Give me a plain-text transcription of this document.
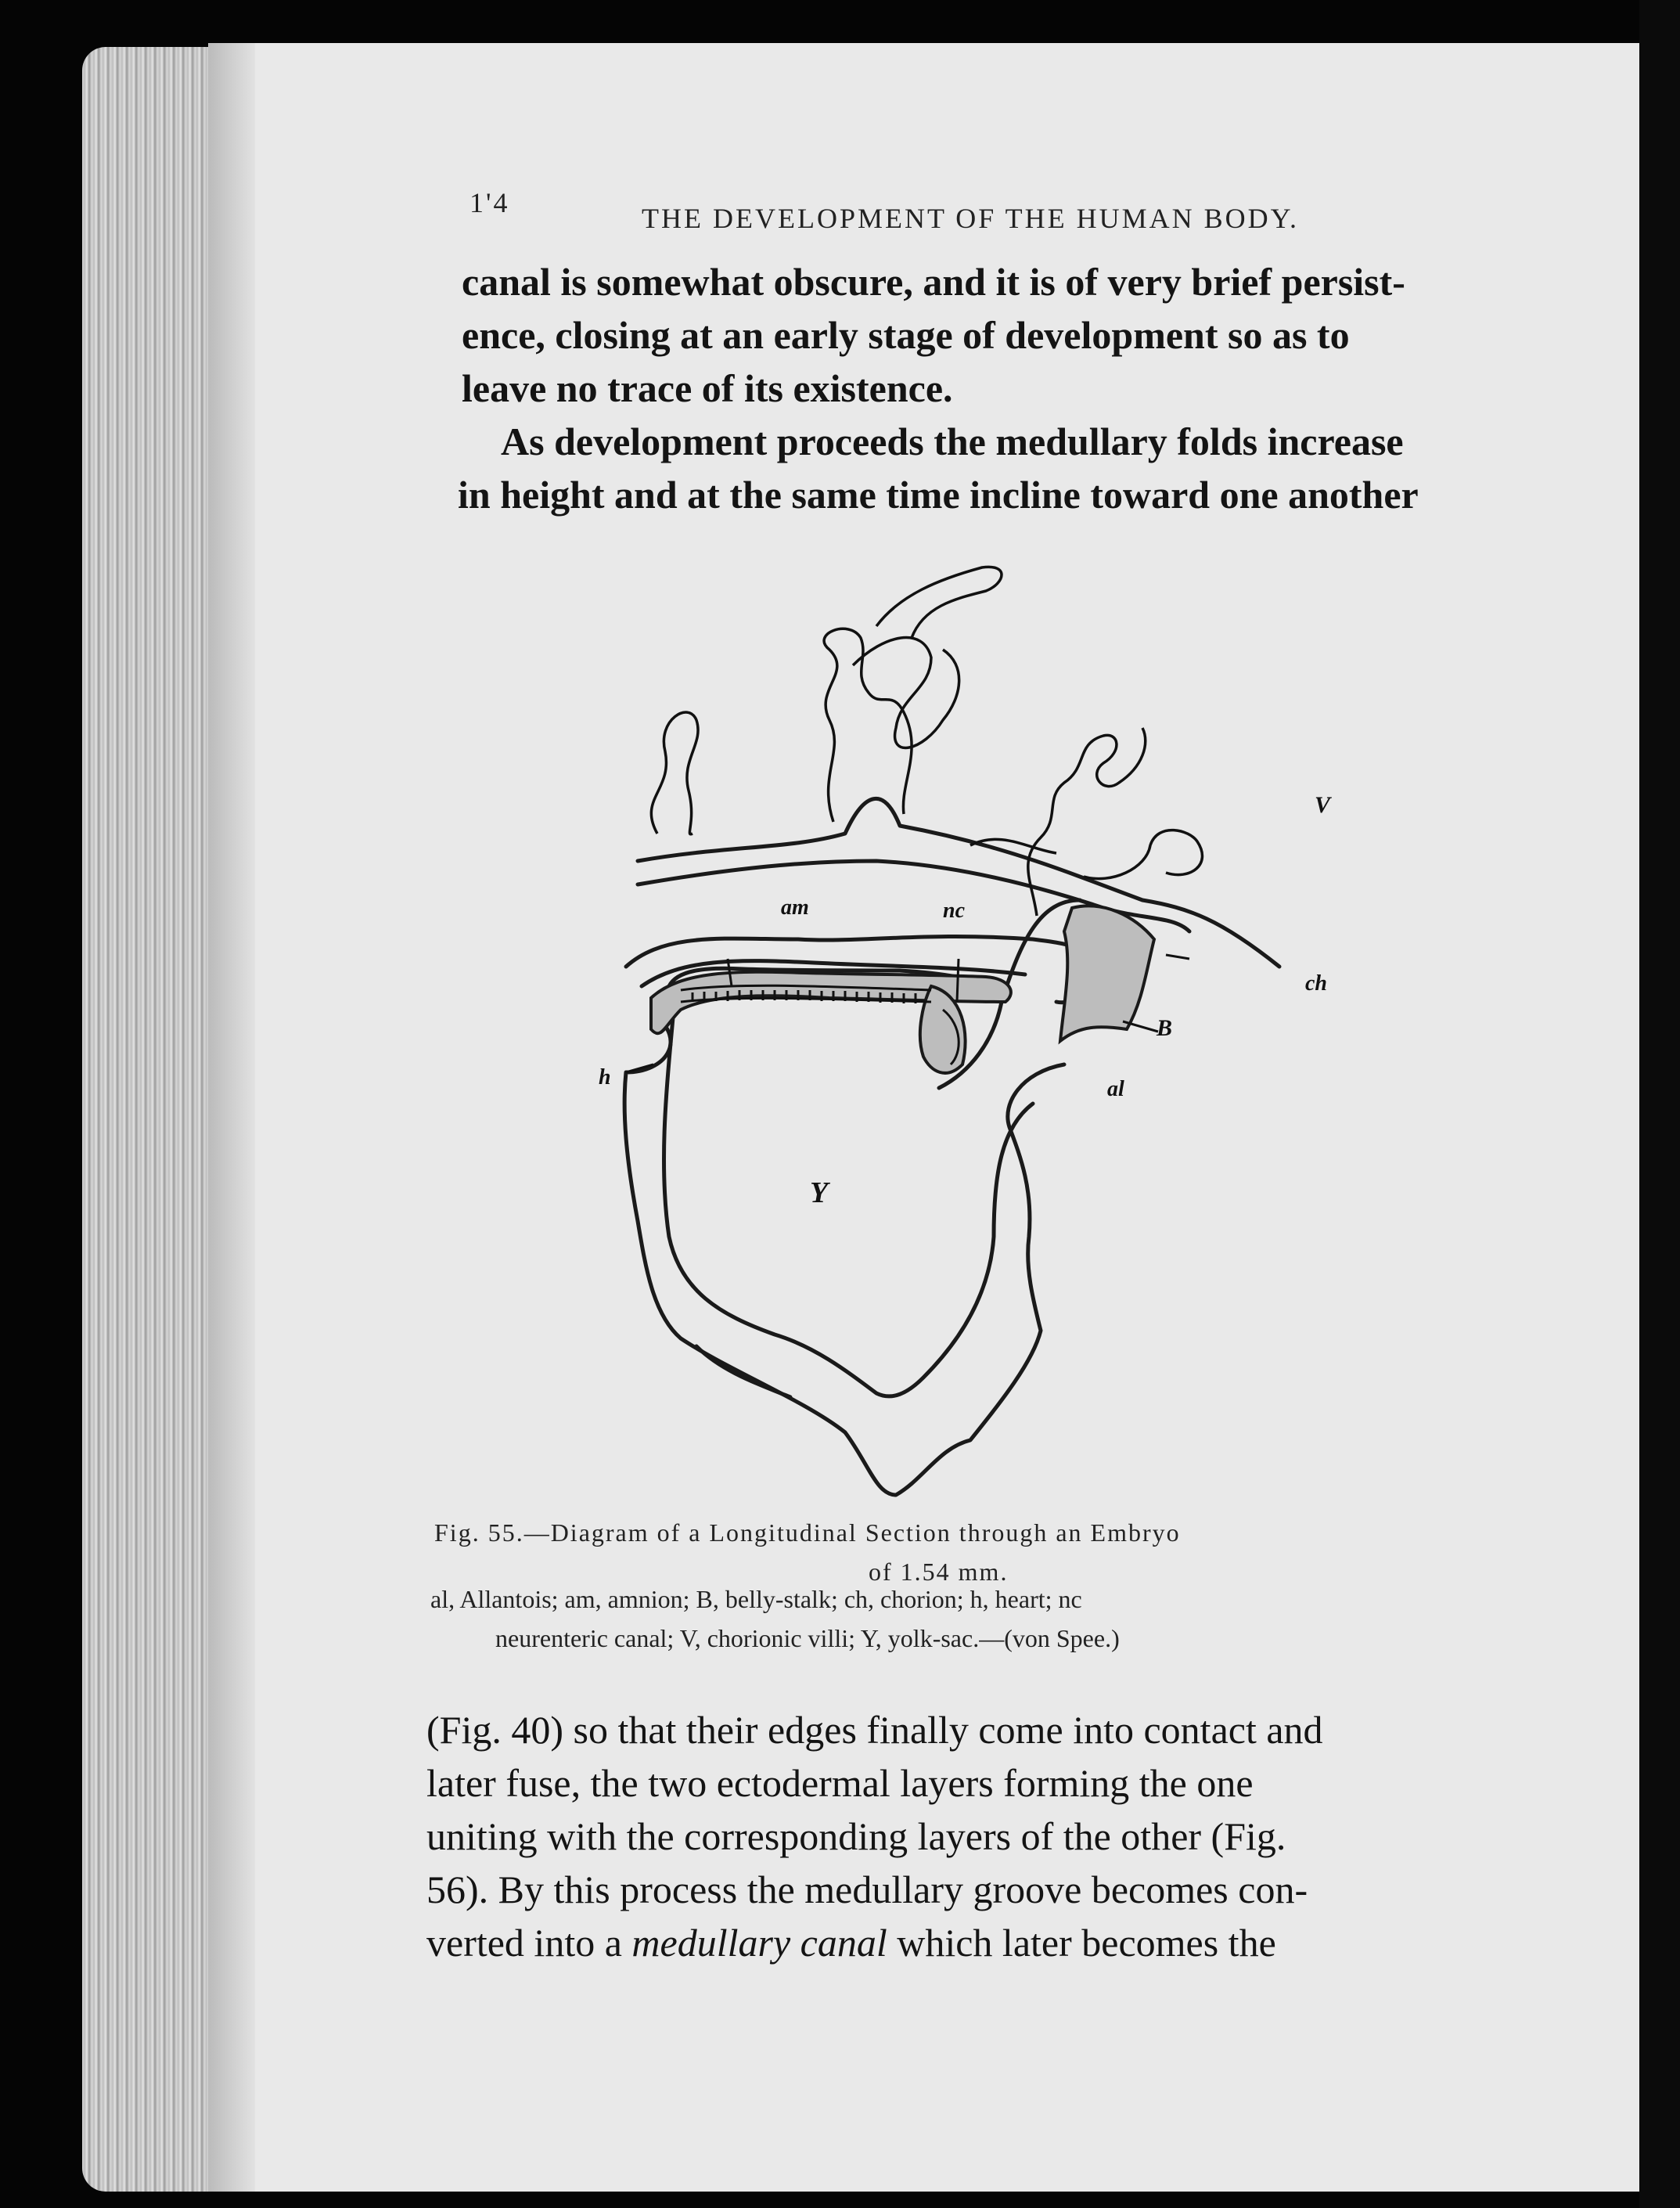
1'4	THE DEVELOPMENT OF THE HUMAN BODY.
canal is somewhat obscure, and it is of very brief persist-
ence, closing at an early stage of development so as to
leave no trace of its existence.
As development proceeds the medullary folds increase
in height and at the same time incline toward one another
am	nc
ch
B
al
h
Y
V
Fig. 55.—Diagram of a Longitudinal Section through an Embryo
of 1.54 mm.
al, Allantois; am, amnion; B, belly-stalk; ch, chorion; h, heart; nc
neurenteric canal; V, chorionic villi; Y, yolk-sac.—(von Spee.)
(Fig. 40) so that their edges finally come into contact and
later fuse, the two ectodermal layers forming the one
uniting with the corresponding layers of the other (Fig.
56). By this process the medullary groove becomes con-
verted into a medullary canal which later becomes the
